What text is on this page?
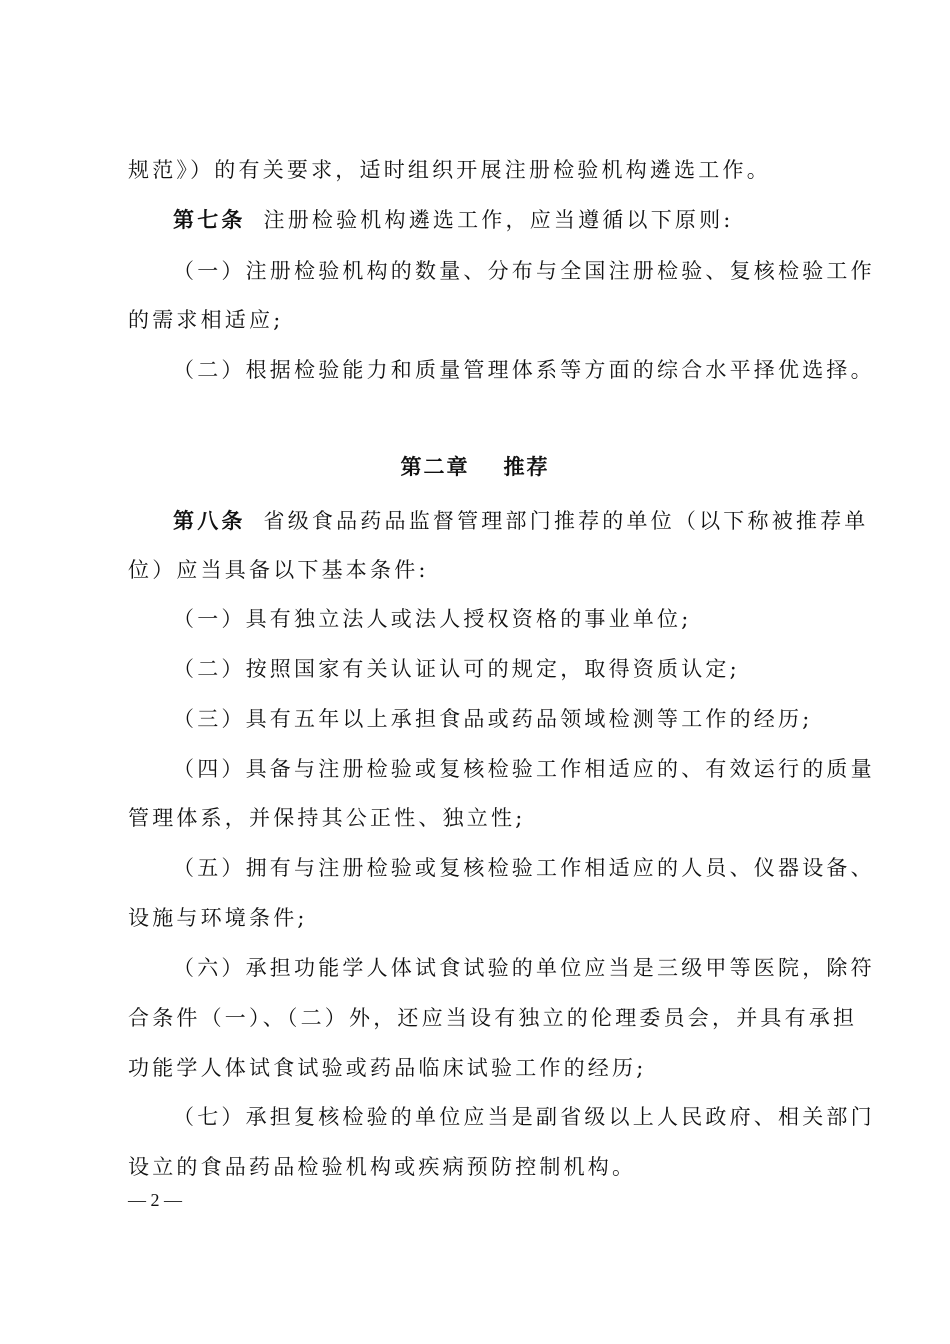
规范》）的有关要求，适时组织开展注册检验机构遴选工作。
第七条 注册检验机构遴选工作，应当遵循以下原则:
（一）注册检验机构的数量、分布与全国注册检验、复核检验工作
的需求相适应;
（二）根据检验能力和质量管理体系等方面的综合水平择优选择。
第二章 推荐
第八条 省级食品药品监督管理部门推荐的单位（以下称被推荐单
位）应当具备以下基本条件:
（一）具有独立法人或法人授权资格的事业单位;
（二）按照国家有关认证认可的规定，取得资质认定;
（三）具有五年以上承担食品或药品领域检测等工作的经历;
（四）具备与注册检验或复核检验工作相适应的、有效运行的质量
管理体系，并保持其公正性、独立性;
（五）拥有与注册检验或复核检验工作相适应的人员、仪器设备、
设施与环境条件;
（六）承担功能学人体试食试验的单位应当是三级甲等医院，除符
合条件（一）、（二）外，还应当设有独立的伦理委员会，并具有承担
功能学人体试食试验或药品临床试验工作的经历;
（七）承担复核检验的单位应当是副省级以上人民政府、相关部门
设立的食品药品检验机构或疾病预防控制机构。
— 2 —
